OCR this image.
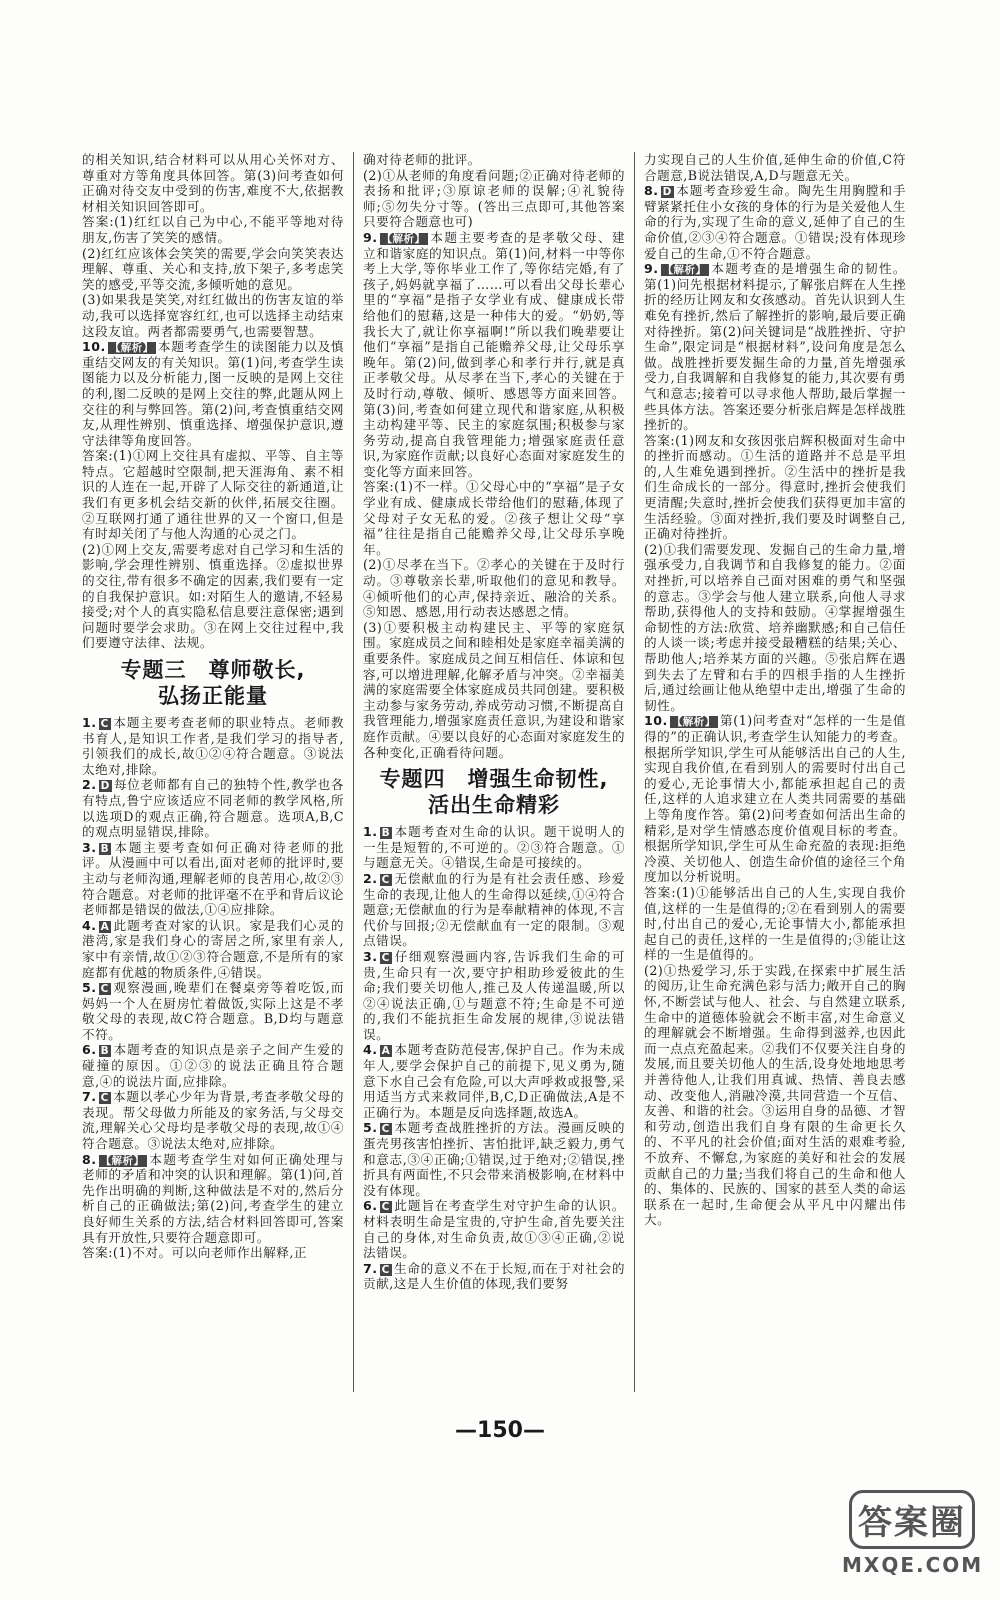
的相关知识,结合材料可以从用心关怀对方、尊重对方等角度具体回答。第(3)问考查如何正确对待交友中受到的伤害,难度不大,依据教材相关知识回答即可。
答案:(1)红红以自己为中心,不能平等地对待朋友,伤害了笑笑的感情。
(2)红红应该体会笑笑的需要,学会向笑笑表达理解、尊重、关心和支持,放下架子,多考虑笑笑的感受,平等交流,多倾听她的意见。
(3)如果我是笑笑,对红红做出的伤害友谊的举动,我可以选择宽容红红,也可以选择主动结束这段友谊。两者都需要勇气,也需要智慧。
10. 【解析】 本题考查学生的读图能力以及慎重结交网友的有关知识。第(1)问,考查学生读图能力以及分析能力,图一反映的是网上交往的利,图二反映的是网上交往的弊,此题从网上交往的利与弊回答。第(2)问,考查慎重结交网友,从理性辨别、慎重选择、增强保护意识,遵守法律等角度回答。
答案:(1)①网上交往具有虚拟、平等、自主等特点。它超越时空限制,把天涯海角、素不相识的人连在一起,开辟了人际交往的新通道,让我们有更多机会结交新的伙伴,拓展交往圈。②互联网打通了通往世界的又一个窗口,但是有时却关闭了与他人沟通的心灵之门。
(2)①网上交友,需要考虑对自己学习和生活的影响,学会理性辨别、慎重选择。②虚拟世界的交往,带有很多不确定的因素,我们要有一定的自我保护意识。如:对陌生人的邀请,不轻易接受;对个人的真实隐私信息要注意保密;遇到问题时要学会求助。③在网上交往过程中,我们要遵守法律、法规。
专题三　尊师敬长,
弘扬正能量
1. C 本题主要考查老师的职业特点。老师教书育人,是知识工作者,是我们学习的指导者,引领我们的成长,故①②④符合题意。③说法太绝对,排除。
2. D 每位老师都有自己的独特个性,教学也各有特点,鲁宁应该适应不同老师的教学风格,所以选项D的观点正确,符合题意。选项A,B,C的观点明显错误,排除。
3. B 本题主要考查如何正确对待老师的批评。从漫画中可以看出,面对老师的批评时,要主动与老师沟通,理解老师的良苦用心,故②③符合题意。对老师的批评毫不在乎和背后议论老师都是错误的做法,①④应排除。
4. A 此题考查对家的认识。家是我们心灵的港湾,家是我们身心的寄居之所,家里有亲人,家中有亲情,故①②③符合题意,不是所有的家庭都有优越的物质条件,④错误。
5. C 观察漫画,晚辈们在餐桌旁等着吃饭,而妈妈一个人在厨房忙着做饭,实际上这是不孝敬父母的表现,故C符合题意。B,D均与题意不符。
6. B 本题考查的知识点是亲子之间产生爱的碰撞的原因。①②③的说法正确且符合题意,④的说法片面,应排除。
7. C 本题以孝心少年为背景,考查孝敬父母的表现。帮父母做力所能及的家务活,与父母交流,理解关心父母均是孝敬父母的表现,故①④符合题意。③说法太绝对,应排除。
8. 【解析】 本题考查学生对如何正确处理与老师的矛盾和冲突的认识和理解。第(1)问,首先作出明确的判断,这种做法是不对的,然后分析自己的正确做法;第(2)问,考查学生的建立良好师生关系的方法,结合材料回答即可,答案具有开放性,只要符合题意即可。
答案:(1)不对。可以向老师作出解释,正
确对待老师的批评。
(2)①从老师的角度看问题;②正确对待老师的表扬和批评;③原谅老师的误解;④礼貌待师;⑤勿失分寸等。(答出三点即可,其他答案只要符合题意也可)
9. 【解析】 本题主要考查的是孝敬父母、建立和谐家庭的知识点。第(1)问,材料一中等你考上大学,等你毕业工作了,等你结完婚,有了孩子,妈妈就享福了……可以看出父母长辈心里的“享福”是指子女学业有成、健康成长带给他们的慰藉,这是一种伟大的爱。“奶奶,等我长大了,就让你享福啊!”所以我们晚辈要让他们“享福”是指自己能赡养父母,让父母乐享晚年。第(2)问,做到孝心和孝行并行,就是真正孝敬父母。从尽孝在当下,孝心的关键在于及时行动,尊敬、倾听、感恩等方面来回答。第(3)问,考查如何建立现代和谐家庭,从积极主动构建平等、民主的家庭氛围;积极参与家务劳动,提高自我管理能力;增强家庭责任意识,为家庭作贡献;以良好心态面对家庭发生的变化等方面来回答。
答案:(1)不一样。①父母心中的“享福”是子女学业有成、健康成长带给他们的慰藉,体现了父母对子女无私的爱。②孩子想让父母“享福”往往是指自己能赡养父母,让父母乐享晚年。
(2)①尽孝在当下。②孝心的关键在于及时行动。③尊敬亲长辈,听取他们的意见和教导。④倾听他们的心声,保持亲近、融洽的关系。⑤知恩、感恩,用行动表达感恩之情。
(3)①要积极主动构建民主、平等的家庭氛围。家庭成员之间和睦相处是家庭幸福美满的重要条件。家庭成员之间互相信任、体谅和包容,可以增进理解,化解矛盾与冲突。②幸福美满的家庭需要全体家庭成员共同创建。要积极主动参与家务劳动,养成劳动习惯,不断提高自我管理能力,增强家庭责任意识,为建设和谐家庭作贡献。④要以良好的心态面对家庭发生的各种变化,正确看待问题。
专题四　增强生命韧性,
活出生命精彩
1. B 本题考查对生命的认识。题干说明人的一生是短暂的,不可逆的。②③符合题意。①与题意无关。④错误,生命是可接续的。
2. C 无偿献血的行为是有社会责任感、珍爱生命的表现,让他人的生命得以延续,①④符合题意;无偿献血的行为是奉献精神的体现,不言代价与回报;②无偿献血有一定的限制。③观点错误。
3. C 仔细观察漫画内容,告诉我们生命的可贵,生命只有一次,要守护相助珍爱彼此的生命;我们要关切他人,推己及人传递温暖,所以②④说法正确,①与题意不符;生命是不可逆的,我们不能抗拒生命发展的规律,③说法错误。
4. A 本题考查防范侵害,保护自己。作为未成年人,要学会保护自己的前提下,见义勇为,随意下水自己会有危险,可以大声呼救或报警,采用适当方式来救同伴,B,C,D正确做法,A是不正确行为。本题是反向选择题,故选A。
5. C 本题考查战胜挫折的方法。漫画反映的蛋壳男孩害怕挫折、害怕批评,缺乏毅力,勇气和意志,③④正确;①错误,过于绝对;②错误,挫折具有两面性,不只会带来消极影响,在材料中没有体现。
6. C 此题旨在考查学生对守护生命的认识。材料表明生命是宝贵的,守护生命,首先要关注自己的身体,对生命负责,故①③④正确,②说法错误。
7. C 生命的意义不在于长短,而在于对社会的贡献,这是人生价值的体现,我们要努
力实现自己的人生价值,延伸生命的价值,C符合题意,B说法错误,A,D与题意无关。
8. D 本题考查珍爱生命。陶先生用胸膛和手臂紧紧托住小女孩的身体的行为是关爱他人生命的行为,实现了生命的意义,延伸了自己的生命价值,②③④符合题意。①错误;没有体现珍爱自己的生命,①不符合题意。
9. 【解析】 本题考查的是增强生命的韧性。第(1)问先根据材料提示,了解张启辉在人生挫折的经历让网友和女孩感动。首先认识到人生难免有挫折,然后了解挫折的影响,最后要正确对待挫折。第(2)问关键词是“战胜挫折、守护生命”,限定词是“根据材料”,设问角度是怎么做。战胜挫折要发掘生命的力量,首先增强承受力,自我调解和自我修复的能力,其次要有勇气和意志;接着可以寻求他人帮助,最后掌握一些具体方法。答案还要分析张启辉是怎样战胜挫折的。
答案:(1)网友和女孩因张启辉积极面对生命中的挫折而感动。①生活的道路并不总是平坦的,人生难免遇到挫折。②生活中的挫折是我们生命成长的一部分。得意时,挫折会使我们更清醒;失意时,挫折会使我们获得更加丰富的生活经验。③面对挫折,我们要及时调整自己,正确对待挫折。
(2)①我们需要发现、发掘自己的生命力量,增强承受力,自我调节和自我修复的能力。②面对挫折,可以培养自己面对困难的勇气和坚强的意志。③学会与他人建立联系,向他人寻求帮助,获得他人的支持和鼓励。④掌握增强生命韧性的方法:欣赏、培养幽默感;和自己信任的人谈一谈;考虑并接受最糟糕的结果;关心、帮助他人;培养某方面的兴趣。⑤张启辉在遇到失去了左臂和右手的四根手指的人生挫折后,通过绘画让他从绝望中走出,增强了生命的韧性。
10. 【解析】 第(1)问考查对“怎样的一生是值得的”的正确认识,考查学生认知能力的考查。根据所学知识,学生可从能够活出自己的人生,实现自我价值,在看到别人的需要时付出自己的爱心,无论事情大小,都能承担起自己的责任,这样的人追求建立在人类共同需要的基础上等角度作答。第(2)问考查如何活出生命的精彩,是对学生情感态度价值观目标的考查。根据所学知识,学生可从生命充盈的表现:拒绝冷漠、关切他人、创造生命价值的途径三个角度加以分析说明。
答案:(1)①能够活出自己的人生,实现自我价值,这样的一生是值得的;②在看到别人的需要时,付出自己的爱心,无论事情大小,都能承担起自己的责任,这样的一生是值得的;③能让这样的一生是值得的。
(2)①热爱学习,乐于实践,在探索中扩展生活的阅历,让生命充满色彩与活力;敞开自己的胸怀,不断尝试与他人、社会、与自然建立联系,生命中的道德体验就会不断丰富,对生命意义的理解就会不断增强。生命得到滋养,也因此而一点点充盈起来。②我们不仅要关注自身的发展,而且要关切他人的生活,设身处地地思考并善待他人,让我们用真诚、热情、善良去感动、改变他人,消融冷漠,共同营造一个互信、友善、和谐的社会。③运用自身的品德、才智和劳动,创造出我们自身有限的生命更长久的、不平凡的社会价值;面对生活的艰难考验,不放弃、不懈怠,为家庭的美好和社会的发展贡献自己的力量;当我们将自己的生命和他人的、集体的、民族的、国家的甚至人类的命运联系在一起时,生命便会从平凡中闪耀出伟大。
—150—
答案圈
MXQE.COM
